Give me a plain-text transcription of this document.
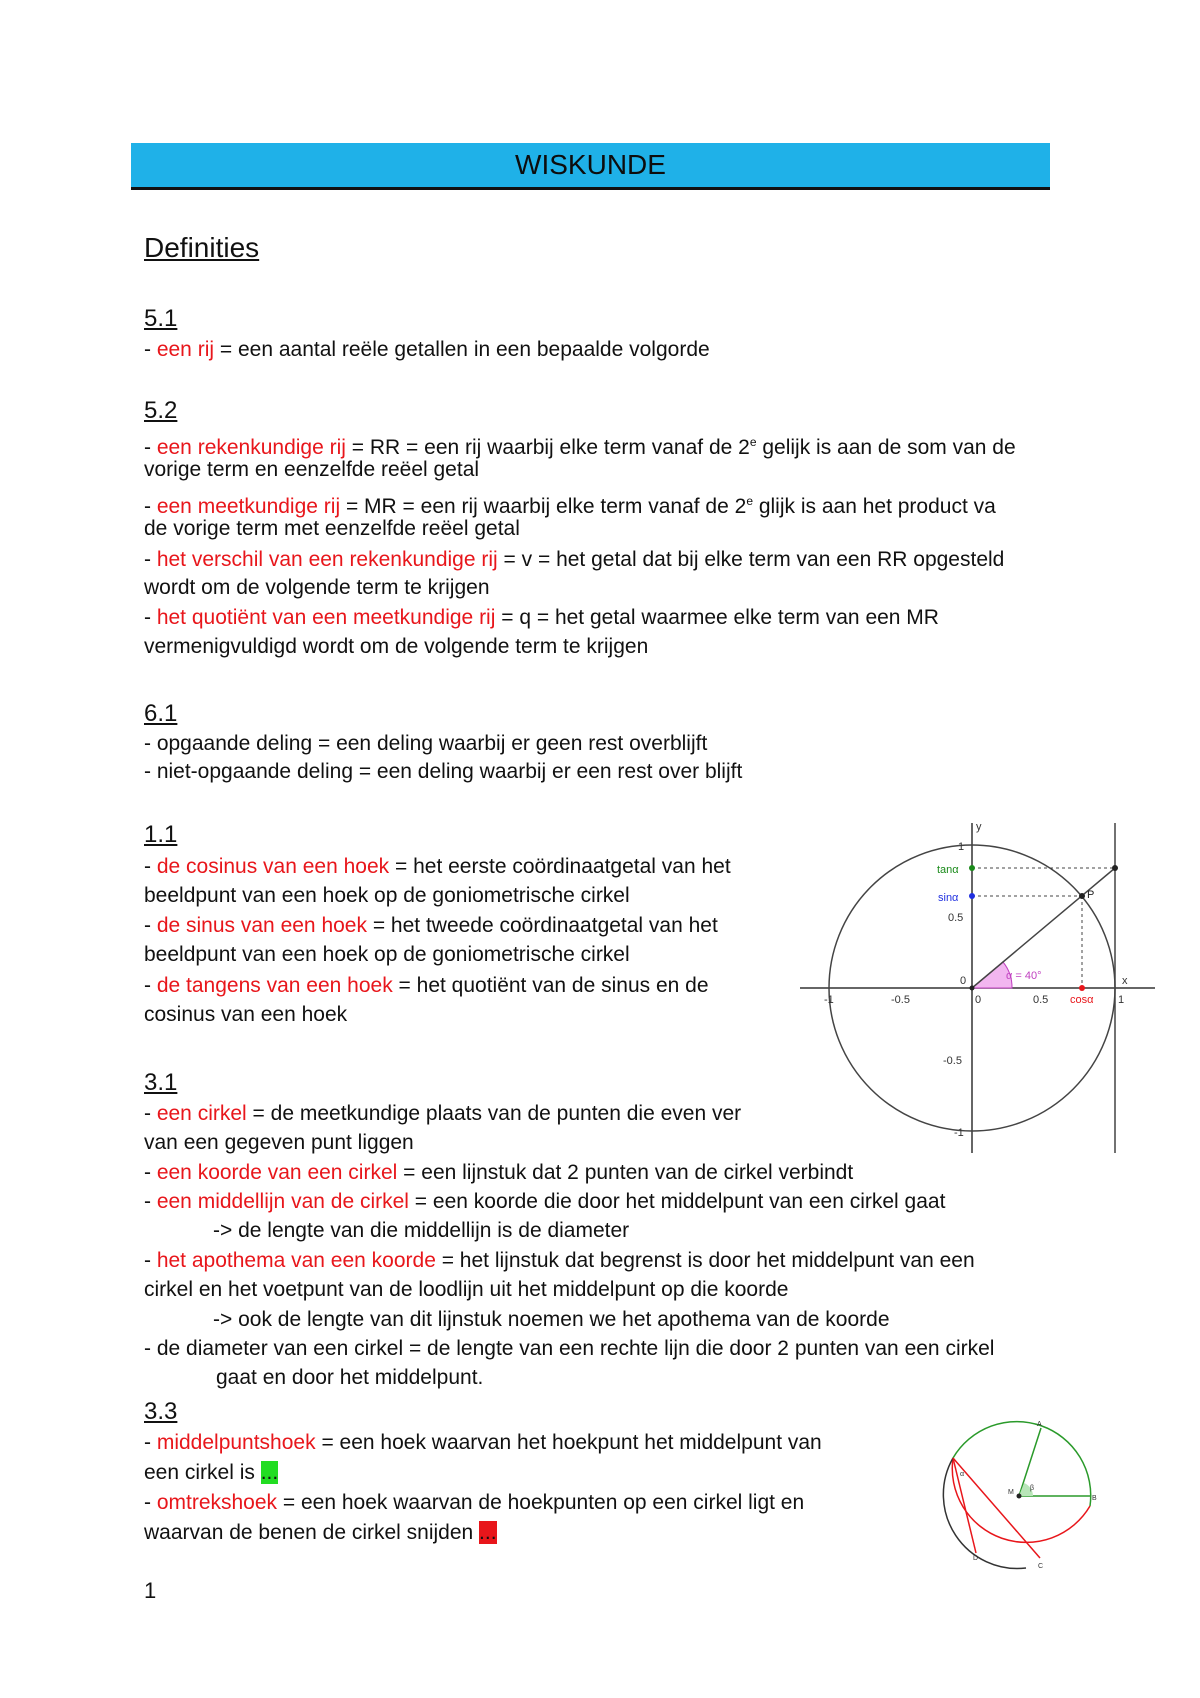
WISKUNDE
Definities
5.1
- een rij = een aantal reële getallen in een bepaalde volgorde
5.2
- een rekenkundige rij = RR = een rij waarbij elke term vanaf de 2e gelijk is aan de som van de
vorige term en eenzelfde reëel getal
- een meetkundige rij = MR = een rij waarbij elke term vanaf de 2e glijk is aan het product va
de vorige term met eenzelfde reëel getal
- het verschil van een rekenkundige rij = v = het getal dat bij elke term van een RR opgesteld
wordt om de volgende term te krijgen
- het quotiënt van een meetkundige rij = q = het getal waarmee elke term van een MR
vermenigvuldigd wordt om de volgende term te krijgen
6.1
- opgaande deling = een deling waarbij er geen rest overblijft
- niet-opgaande deling = een deling waarbij er een rest over blijft
1.1
- de cosinus van een hoek = het eerste coördinaatgetal van het
beeldpunt van een hoek op de goniometrische cirkel
- de sinus van een hoek = het tweede coördinaatgetal van het
beeldpunt van een hoek op de goniometrische cirkel
- de tangens van een hoek = het quotiënt van de sinus en de
cosinus van een hoek
tanα
sinα
cosα
P
α = 40°	x
y
-1	-0.5	0	0.5	1
1
0.5
0
-0.5
-1
3.1
- een cirkel = de meetkundige plaats van de punten die even ver
van een gegeven punt liggen
- een koorde van een cirkel = een lijnstuk dat 2 punten van de cirkel verbindt
- een middellijn van de cirkel = een koorde die door het middelpunt van een cirkel gaat
-> de lengte van die middellijn is de diameter
- het apothema van een koorde = het lijnstuk dat begrenst is door het middelpunt van een
cirkel en het voetpunt van de loodlijn uit het middelpunt op die koorde
-> ook de lengte van dit lijnstuk noemen we het apothema van de koorde
- de diameter van een cirkel = de lengte van een rechte lijn die door 2 punten van een cirkel
gaat en door het middelpunt.
3.3
- middelpuntshoek = een hoek waarvan het hoekpunt het middelpunt van
een cirkel is ...
- omtrekshoek = een hoek waarvan de hoekpunten op een cirkel ligt en
waarvan de benen de cirkel snijden ...
A
B
M
C
D
α
β
1
